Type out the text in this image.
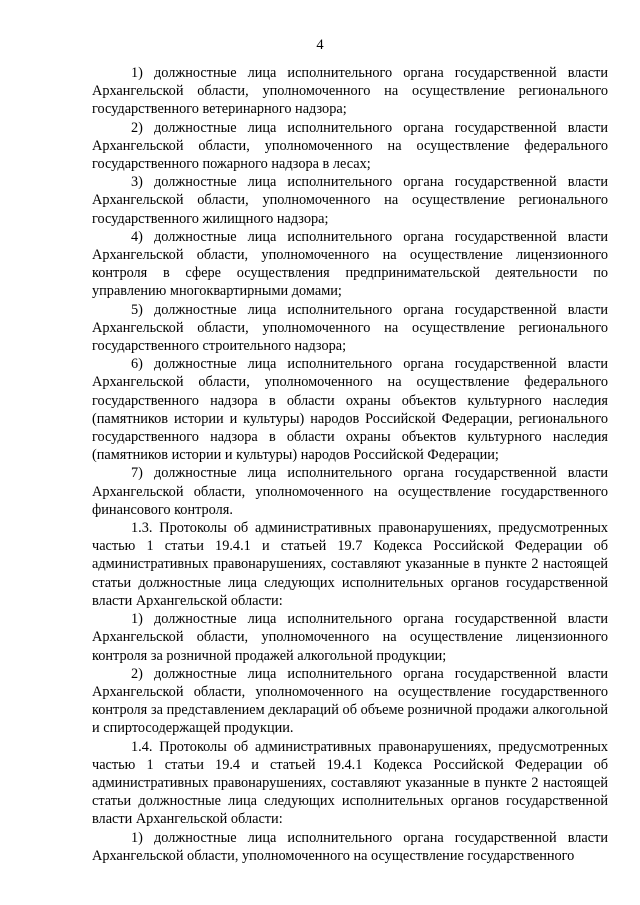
4

1) должностные лица исполнительного органа государственной власти Архангельской области, уполномоченного на осуществление регионального государственного ветеринарного надзора;

2) должностные лица исполнительного органа государственной власти Архангельской области, уполномоченного на осуществление федерального государственного пожарного надзора в лесах;

3) должностные лица исполнительного органа государственной власти Архангельской области, уполномоченного на осуществление регионального государственного жилищного надзора;

4) должностные лица исполнительного органа государственной власти Архангельской области, уполномоченного на осуществление лицензионного контроля в сфере осуществления предпринимательской деятельности по управлению многоквартирными домами;

5) должностные лица исполнительного органа государственной власти Архангельской области, уполномоченного на осуществление регионального государственного строительного надзора;

6) должностные лица исполнительного органа государственной власти Архангельской области, уполномоченного на осуществление федерального государственного надзора в области охраны объектов культурного наследия (памятников истории и культуры) народов Российской Федерации, регионального государственного надзора в области охраны объектов культурного наследия (памятников истории и культуры) народов Российской Федерации;

7) должностные лица исполнительного органа государственной власти Архангельской области, уполномоченного на осуществление государственного финансового контроля.

1.3. Протоколы об административных правонарушениях, предусмотренных частью 1 статьи 19.4.1 и статьей 19.7 Кодекса Российской Федерации об административных правонарушениях, составляют указанные в пункте 2 настоящей статьи должностные лица следующих исполнительных органов государственной власти Архангельской области:

1) должностные лица исполнительного органа государственной власти Архангельской области, уполномоченного на осуществление лицензионного контроля за розничной продажей алкогольной продукции;

2) должностные лица исполнительного органа государственной власти Архангельской области, уполномоченного на осуществление государственного контроля за представлением деклараций об объеме розничной продажи алкогольной и спиртосодержащей продукции.

1.4. Протоколы об административных правонарушениях, предусмотренных частью 1 статьи 19.4 и статьей 19.4.1 Кодекса Российской Федерации об административных правонарушениях, составляют указанные в пункте 2 настоящей статьи должностные лица следующих исполнительных органов государственной власти Архангельской области:

1) должностные лица исполнительного органа государственной власти Архангельской области, уполномоченного на осуществление государственного
